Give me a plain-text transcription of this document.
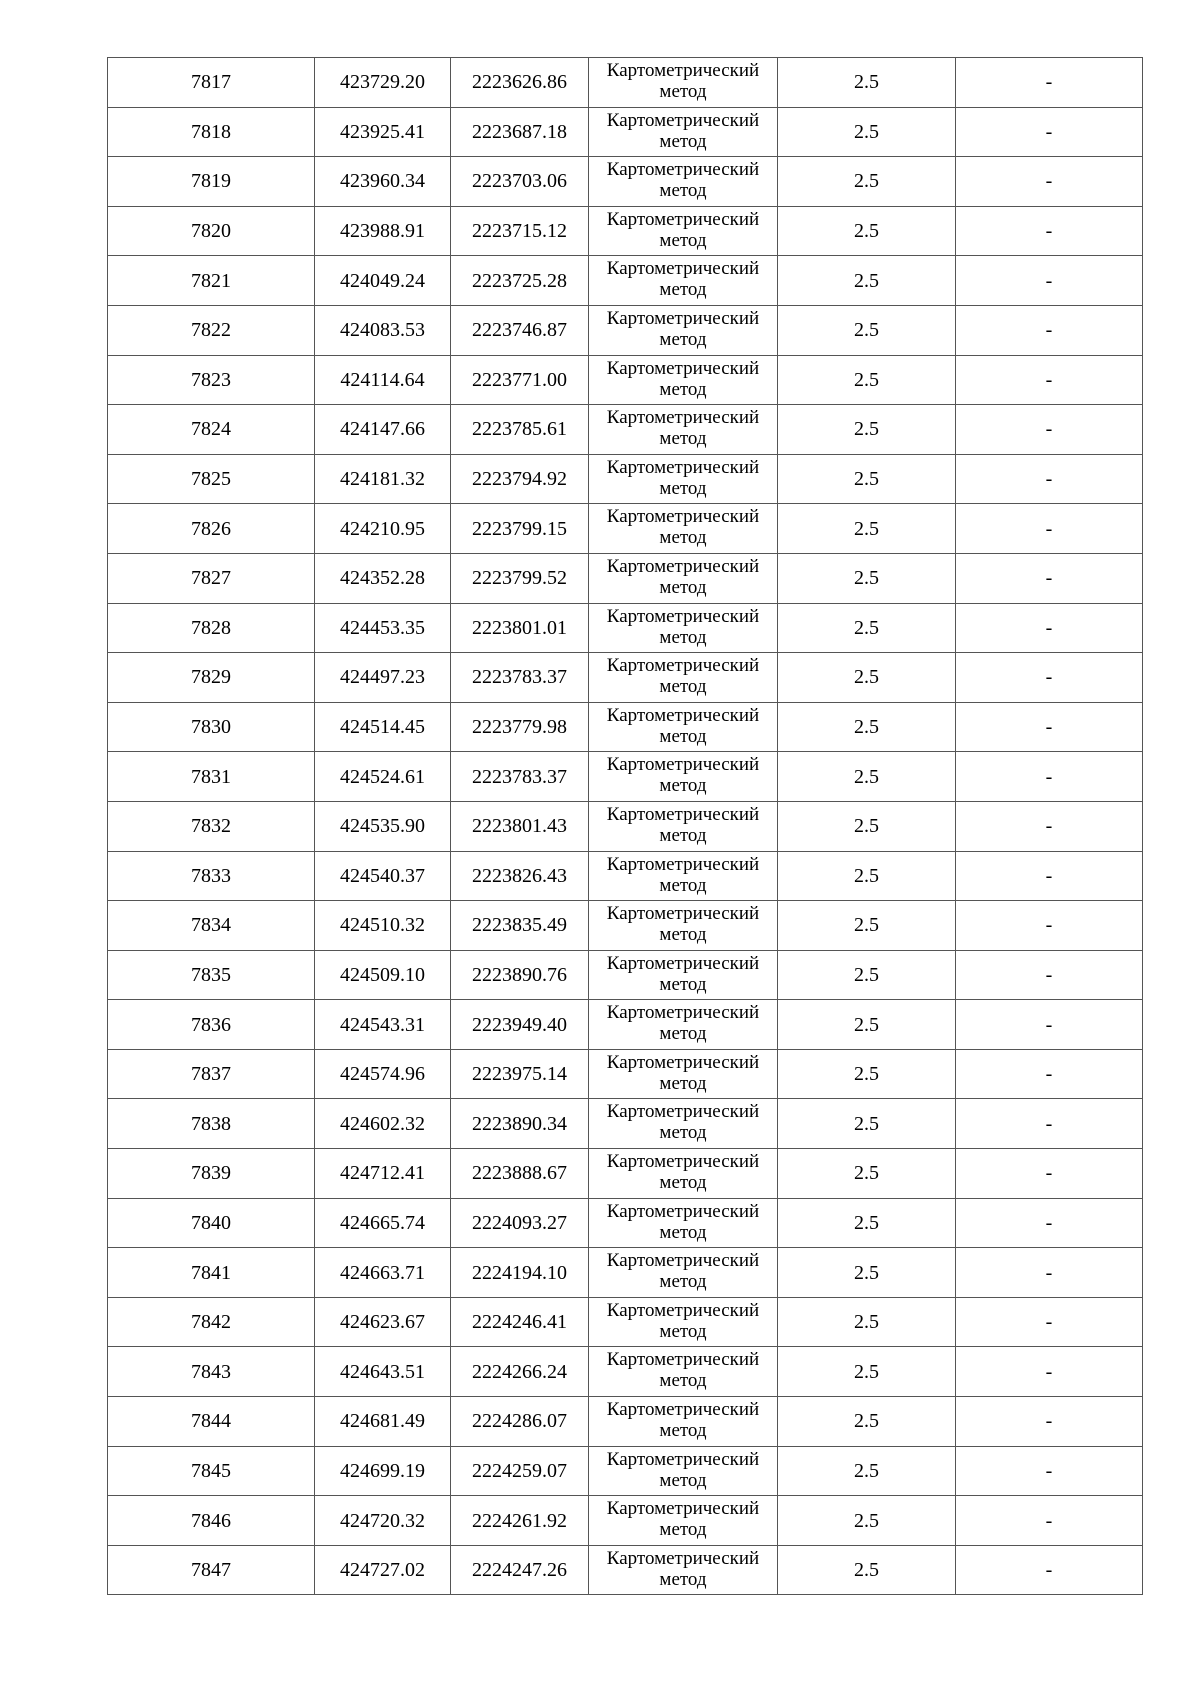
7817	423729.20	2223626.86	Картометрический
метод	2.5	-
7818	423925.41	2223687.18	Картометрический
метод	2.5	-
7819	423960.34	2223703.06	Картометрический
метод	2.5	-
7820	423988.91	2223715.12	Картометрический
метод	2.5	-
7821	424049.24	2223725.28	Картометрический
метод	2.5	-
7822	424083.53	2223746.87	Картометрический
метод	2.5	-
7823	424114.64	2223771.00	Картометрический
метод	2.5	-
7824	424147.66	2223785.61	Картометрический
метод	2.5	-
7825	424181.32	2223794.92	Картометрический
метод	2.5	-
7826	424210.95	2223799.15	Картометрический
метод	2.5	-
7827	424352.28	2223799.52	Картометрический
метод	2.5	-
7828	424453.35	2223801.01	Картометрический
метод	2.5	-
7829	424497.23	2223783.37	Картометрический
метод	2.5	-
7830	424514.45	2223779.98	Картометрический
метод	2.5	-
7831	424524.61	2223783.37	Картометрический
метод	2.5	-
7832	424535.90	2223801.43	Картометрический
метод	2.5	-
7833	424540.37	2223826.43	Картометрический
метод	2.5	-
7834	424510.32	2223835.49	Картометрический
метод	2.5	-
7835	424509.10	2223890.76	Картометрический
метод	2.5	-
7836	424543.31	2223949.40	Картометрический
метод	2.5	-
7837	424574.96	2223975.14	Картометрический
метод	2.5	-
7838	424602.32	2223890.34	Картометрический
метод	2.5	-
7839	424712.41	2223888.67	Картометрический
метод	2.5	-
7840	424665.74	2224093.27	Картометрический
метод	2.5	-
7841	424663.71	2224194.10	Картометрический
метод	2.5	-
7842	424623.67	2224246.41	Картометрический
метод	2.5	-
7843	424643.51	2224266.24	Картометрический
метод	2.5	-
7844	424681.49	2224286.07	Картометрический
метод	2.5	-
7845	424699.19	2224259.07	Картометрический
метод	2.5	-
7846	424720.32	2224261.92	Картометрический
метод	2.5	-
7847	424727.02	2224247.26	Картометрический
метод	2.5	-
